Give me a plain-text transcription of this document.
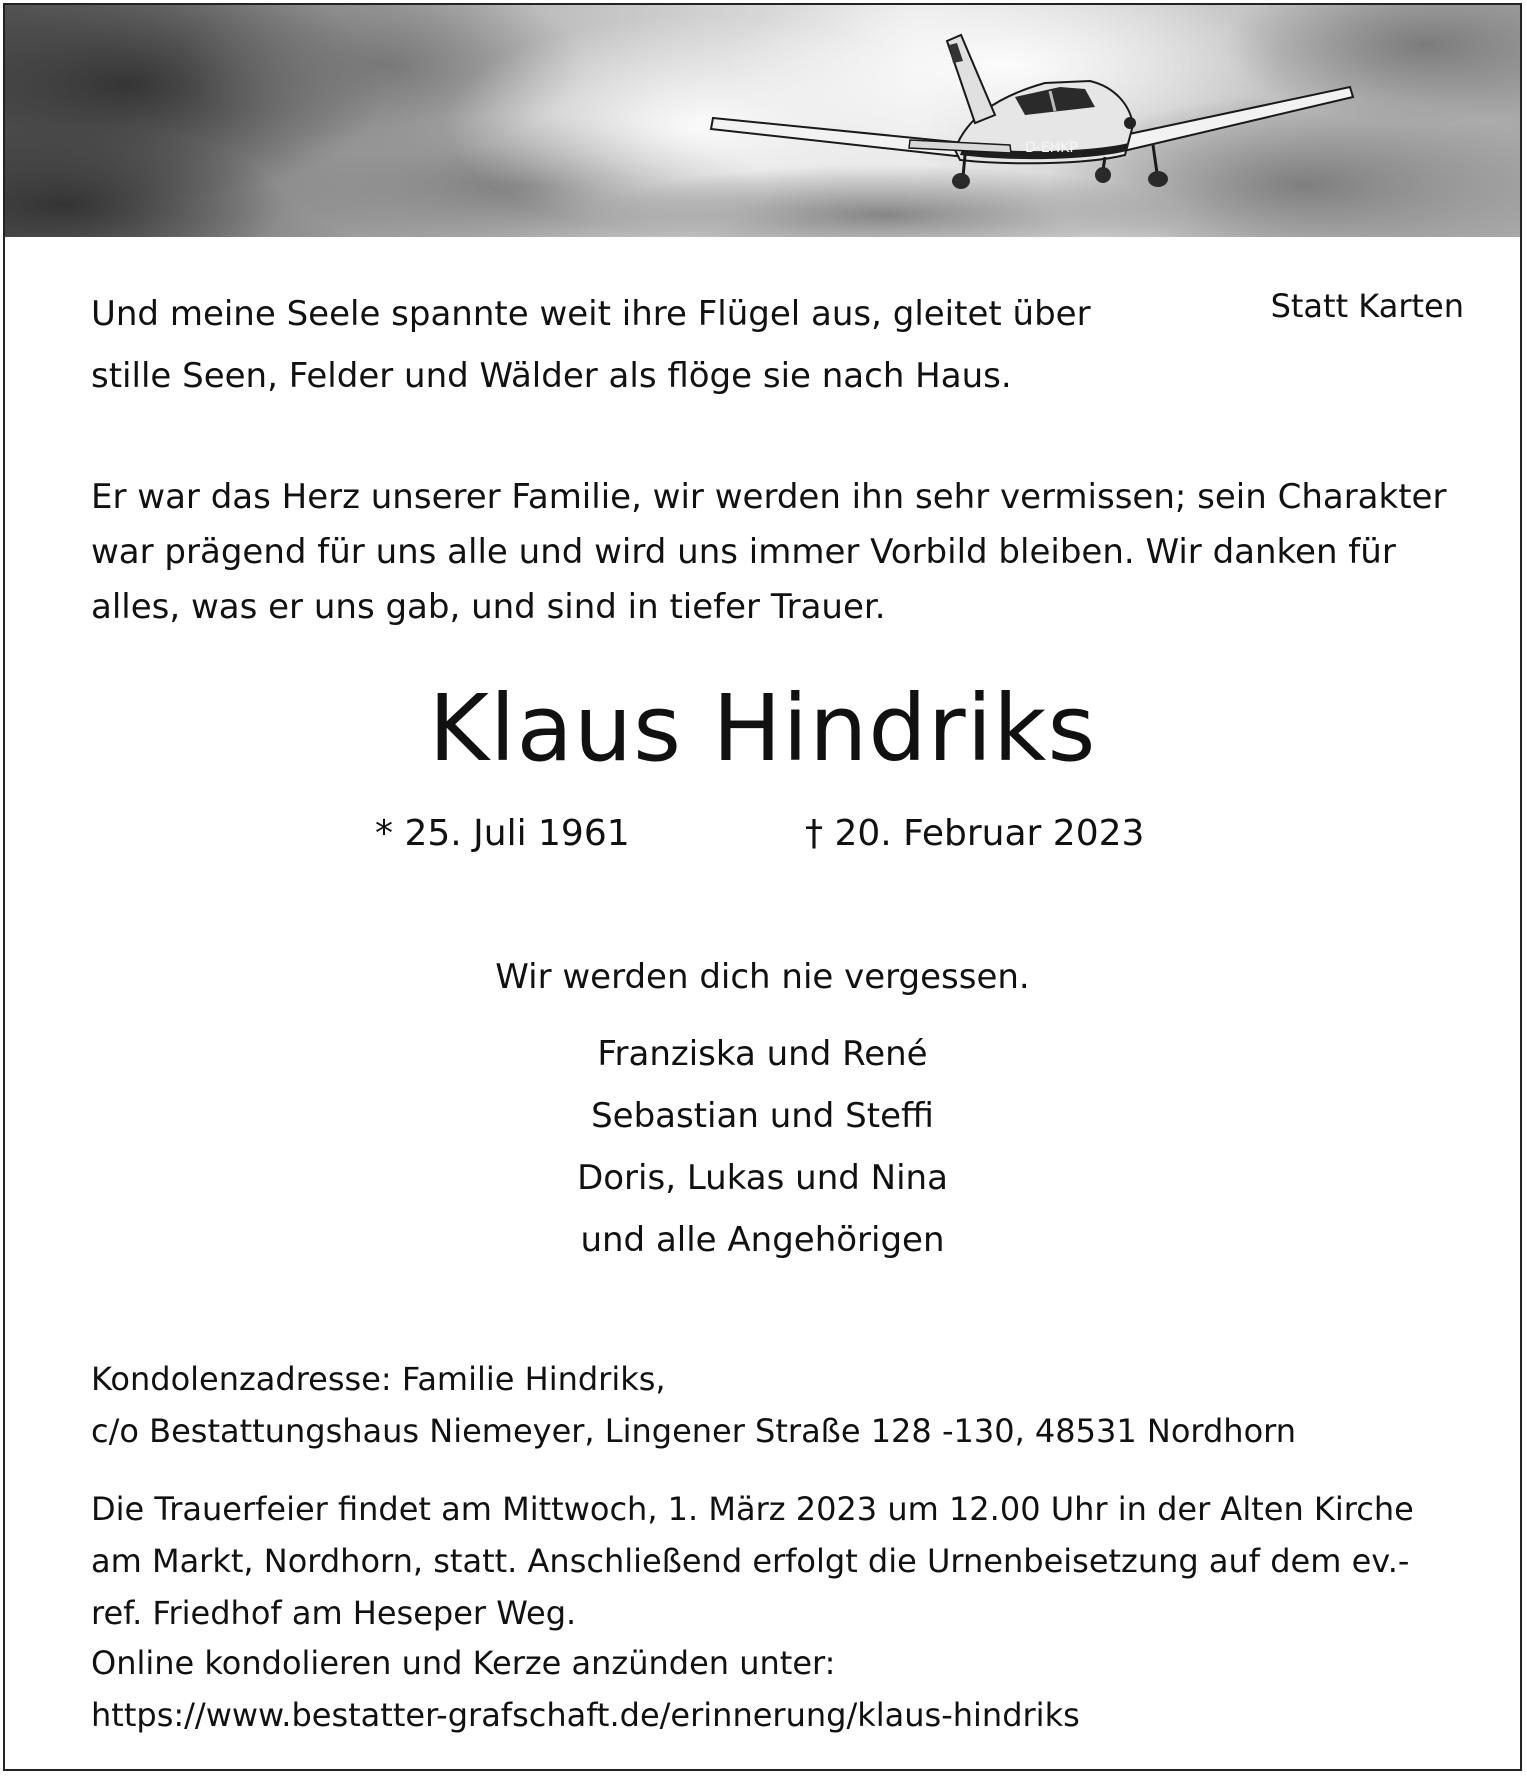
D-EHKP
Und meine Seele spannte weit ihre Flügel aus, gleitet über
stille Seen, Felder und Wälder als flöge sie nach Haus.
Statt Karten
Er war das Herz unserer Familie, wir werden ihn sehr vermissen; sein Charakter
war prägend für uns alle und wird uns immer Vorbild bleiben. Wir danken für
alles, was er uns gab, und sind in tiefer Trauer.
Klaus Hindriks
* 25. Juli 1961	† 20. Februar 2023
Wir werden dich nie vergessen.
Franziska und René
Sebastian und Steffi
Doris, Lukas und Nina
und alle Angehörigen
Kondolenzadresse: Familie Hindriks,
c/o Bestattungshaus Niemeyer, Lingener Straße 128 -130, 48531 Nordhorn
Die Trauerfeier findet am Mittwoch, 1. März 2023 um 12.00 Uhr in der Alten Kirche
am Markt, Nordhorn, statt. Anschließend erfolgt die Urnenbeisetzung auf dem ev.-
ref. Friedhof am Heseper Weg.
Online kondolieren und Kerze anzünden unter:
https://www.bestatter-grafschaft.de/erinnerung/klaus-hindriks
